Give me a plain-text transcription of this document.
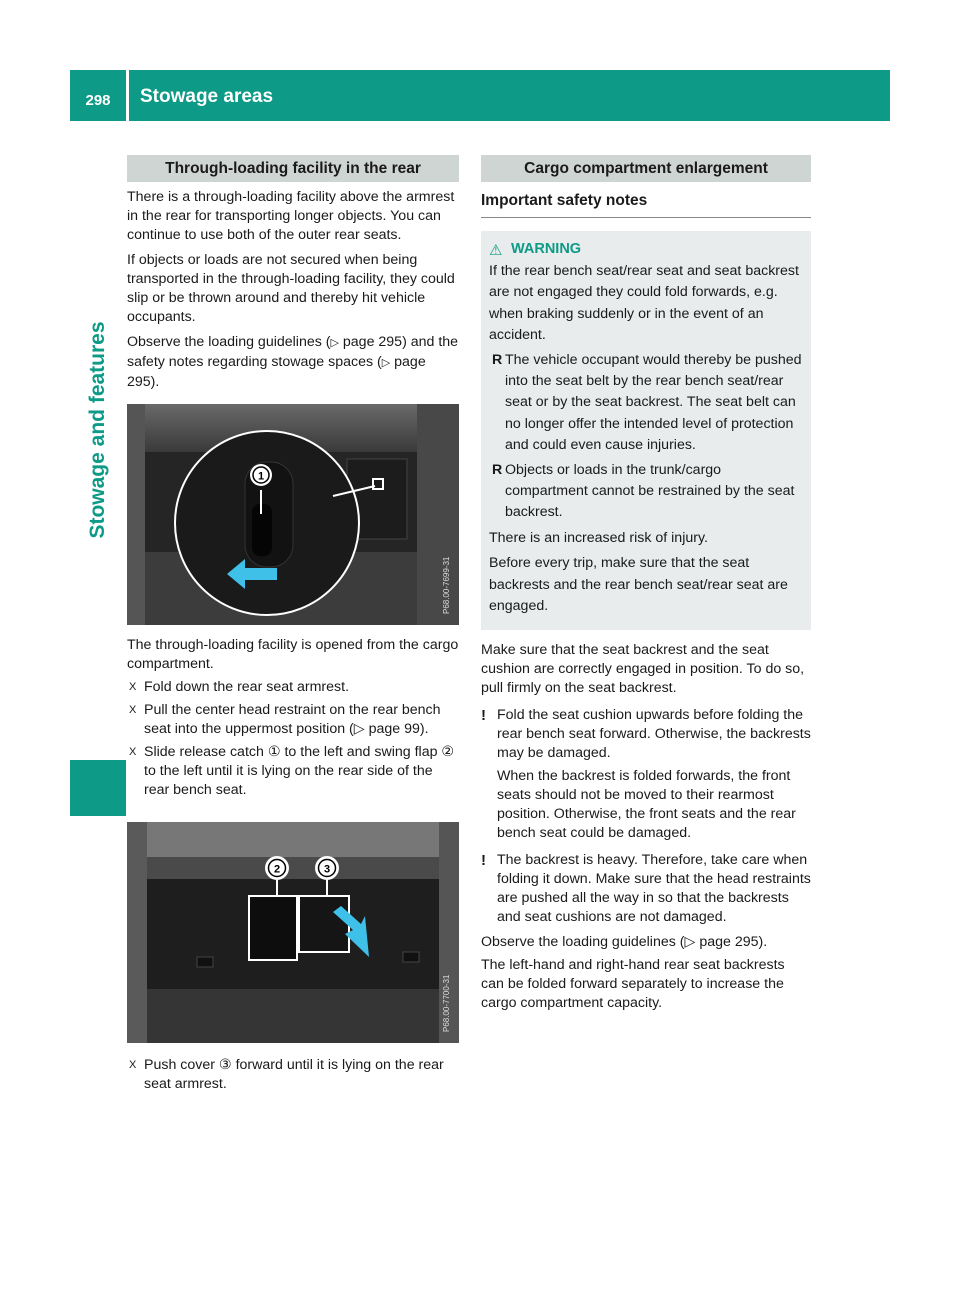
298	Stowage areas
Stowage and features
Through-loading facility in the rear

There is a through-loading facility above the armrest in the rear for transporting longer objects. You can continue to use both of the outer rear seats.

If objects or loads are not secured when being transported in the through-loading facility, they could slip or be thrown around and thereby hit vehicle occupants.

Observe the loading guidelines (▷ page 295) and the safety notes regarding stowage spaces (▷ page 295).

1
P68.00-7699-31

The through-loading facility is opened from the cargo compartment.

X Fold down the rear seat armrest.
X Pull the center head restraint on the rear bench seat into the uppermost position (▷ page 99).
X Slide release catch ① to the left and swing flap ② to the left until it is lying on the rear side of the rear bench seat.
2	3
P68.00-7700-31
X Push cover ③ forward until it is lying on the rear seat armrest.
Cargo compartment enlargement
Important safety notes
⚠ WARNING

If the rear bench seat/rear seat and seat backrest are not engaged they could fold forwards, e.g. when braking suddenly or in the event of an accident.

R The vehicle occupant would thereby be pushed into the seat belt by the rear bench seat/rear seat or by the seat backrest. The seat belt can no longer offer the intended level of protection and could even cause injuries.
R Objects or loads in the trunk/cargo compartment cannot be restrained by the seat backrest.

There is an increased risk of injury.

Before every trip, make sure that the seat backrests and the rear bench seat/rear seat are engaged.

Make sure that the seat backrest and the seat cushion are correctly engaged in position. To do so, pull firmly on the seat backrest.

! Fold the seat cushion upwards before folding the rear bench seat forward. Otherwise, the backrests may be damaged.

When the backrest is folded forwards, the front seats should not be moved to their rearmost position. Otherwise, the front seats and the rear bench seat could be damaged.

! The backrest is heavy. Therefore, take care when folding it down. Make sure that the head restraints are pushed all the way in so that the backrests and seat cushions are not damaged.

Observe the loading guidelines (▷ page 295).

The left-hand and right-hand rear seat backrests can be folded forward separately to increase the cargo compartment capacity.
